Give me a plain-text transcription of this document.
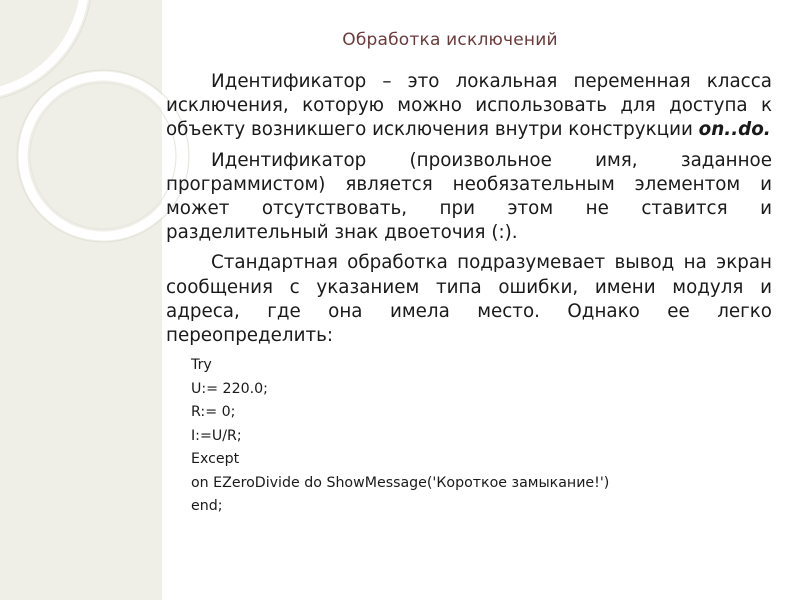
Обработка исключений

Идентификатор – это локальная переменная класса исключения, которую можно использовать для доступа к объекту возникшего исключения внутри конструкции on..do.

Идентификатор (произвольное имя, заданное программистом) является необязательным элементом и может отсутствовать, при этом не ставится и разделительный знак двоеточия (:).

Стандартная обработка подразумевает вывод на экран сообщения с указанием типа ошибки, имени модуля и адреса, где она имела место. Однако ее легко переопределить:

Try
U:= 220.0;
R:= 0;
I:=U/R;
Except
on EZeroDivide do ShowMessage('Короткое замыкание!')
end;
